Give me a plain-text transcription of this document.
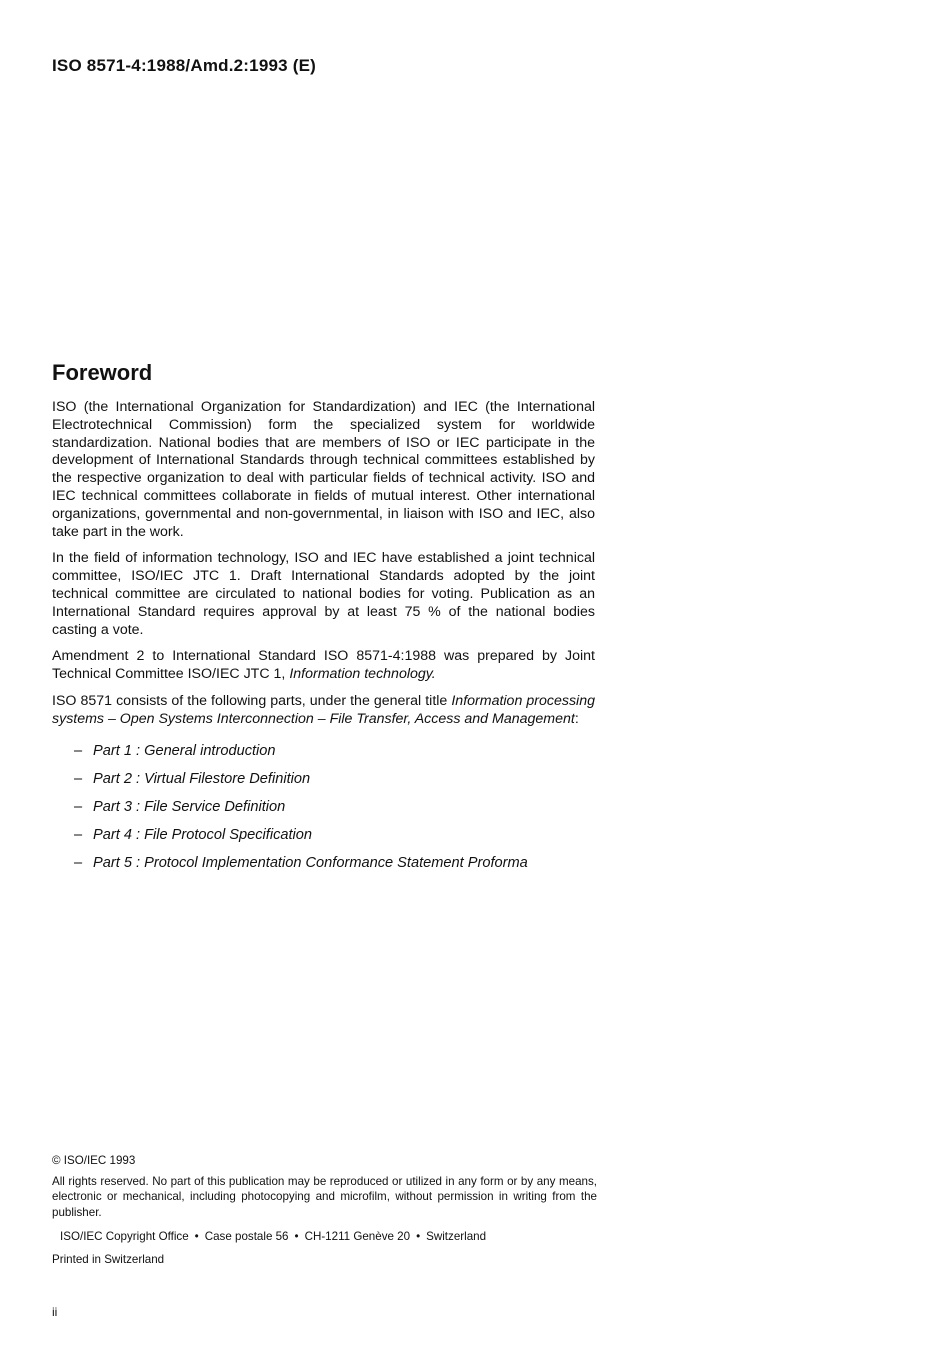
ISO 8571-4:1988/Amd.2:1993 (E)
Foreword

ISO (the International Organization for Standardization) and IEC (the International Electrotechnical Commission) form the specialized system for worldwide standardization. National bodies that are members of ISO or IEC participate in the development of International Standards through technical committees established by the respective organization to deal with particular fields of technical activity. ISO and IEC technical committees collaborate in fields of mutual interest. Other international organizations, governmental and non-governmental, in liaison with ISO and IEC, also take part in the work.

In the field of information technology, ISO and IEC have established a joint technical committee, ISO/IEC JTC 1. Draft International Standards adopted by the joint technical committee are circulated to national bodies for voting. Publication as an International Standard requires approval by at least 75 % of the national bodies casting a vote.

Amendment 2 to International Standard ISO 8571-4:1988 was prepared by Joint Technical Committee ISO/IEC JTC 1, Information technology.

ISO 8571 consists of the following parts, under the general title Information processing systems – Open Systems Interconnection – File Transfer, Access and Management:

– Part 1 : General introduction
– Part 2 : Virtual Filestore Definition
– Part 3 : File Service Definition
– Part 4 : File Protocol Specification
– Part 5 : Protocol Implementation Conformance Statement Proforma
© ISO/IEC 1993
All rights reserved. No part of this publication may be reproduced or utilized in any form or by any means, electronic or mechanical, including photocopying and microfilm, without permission in writing from the publisher.
ISO/IEC Copyright Office • Case postale 56 • CH-1211 Genève 20 • Switzerland
Printed in Switzerland
ii
